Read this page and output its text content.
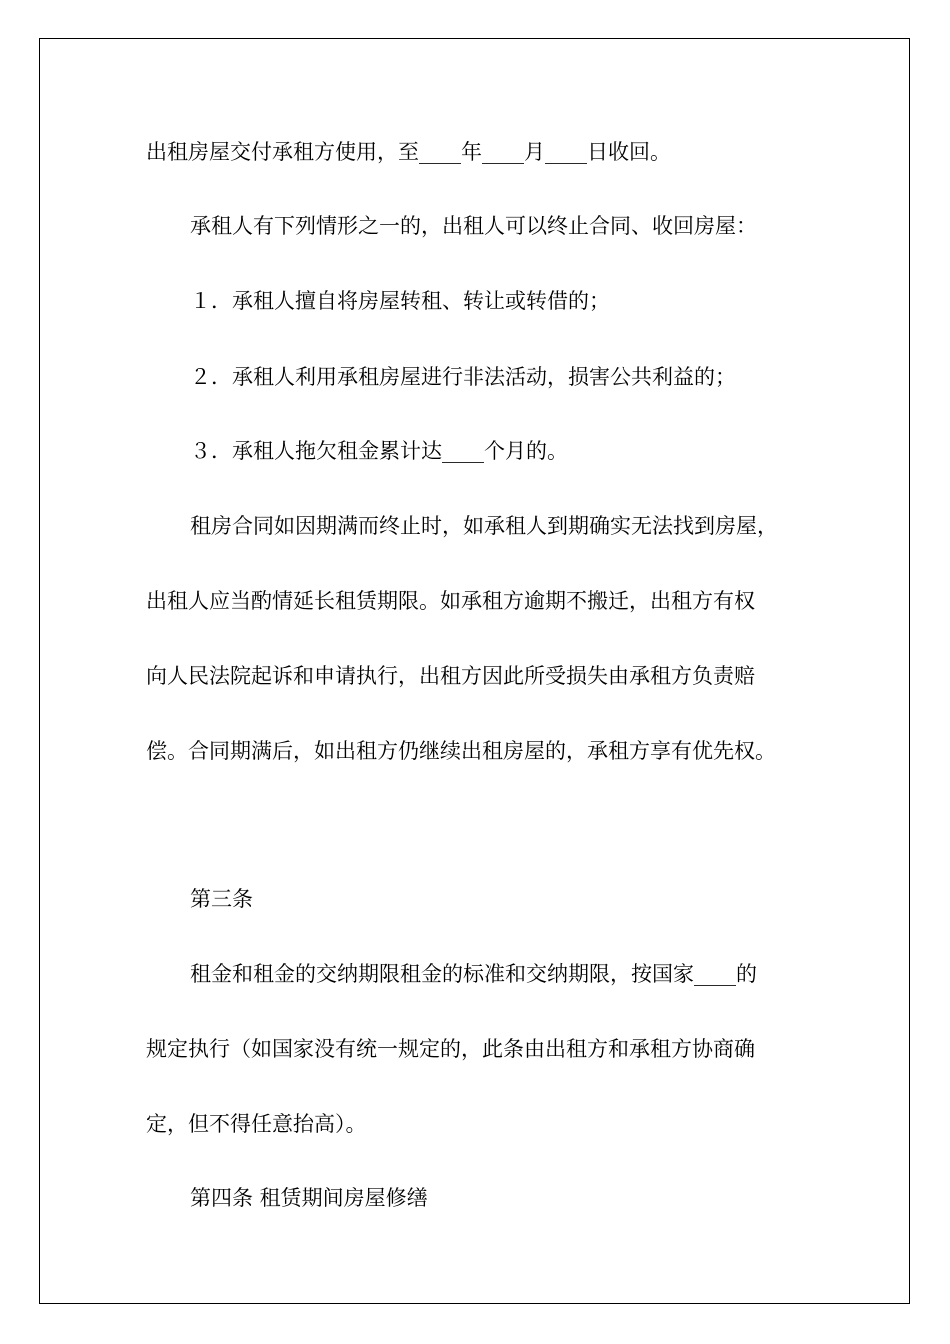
出租房屋交付承租方使用，至____年____月____日收回。
承租人有下列情形之一的，出租人可以终止合同、收回房屋：
１．承租人擅自将房屋转租、转让或转借的；
２．承租人利用承租房屋进行非法活动，损害公共利益的；
３．承租人拖欠租金累计达____个月的。
租房合同如因期满而终止时，如承租人到期确实无法找到房屋，
出租人应当酌情延长租赁期限。如承租方逾期不搬迁，出租方有权
向人民法院起诉和申请执行，出租方因此所受损失由承租方负责赔
偿。合同期满后，如出租方仍继续出租房屋的，承租方享有优先权。
第三条
租金和租金的交纳期限租金的标准和交纳期限，按国家____的
规定执行（如国家没有统一规定的，此条由出租方和承租方协商确
定，但不得任意抬高）。
第四条 租赁期间房屋修缮
